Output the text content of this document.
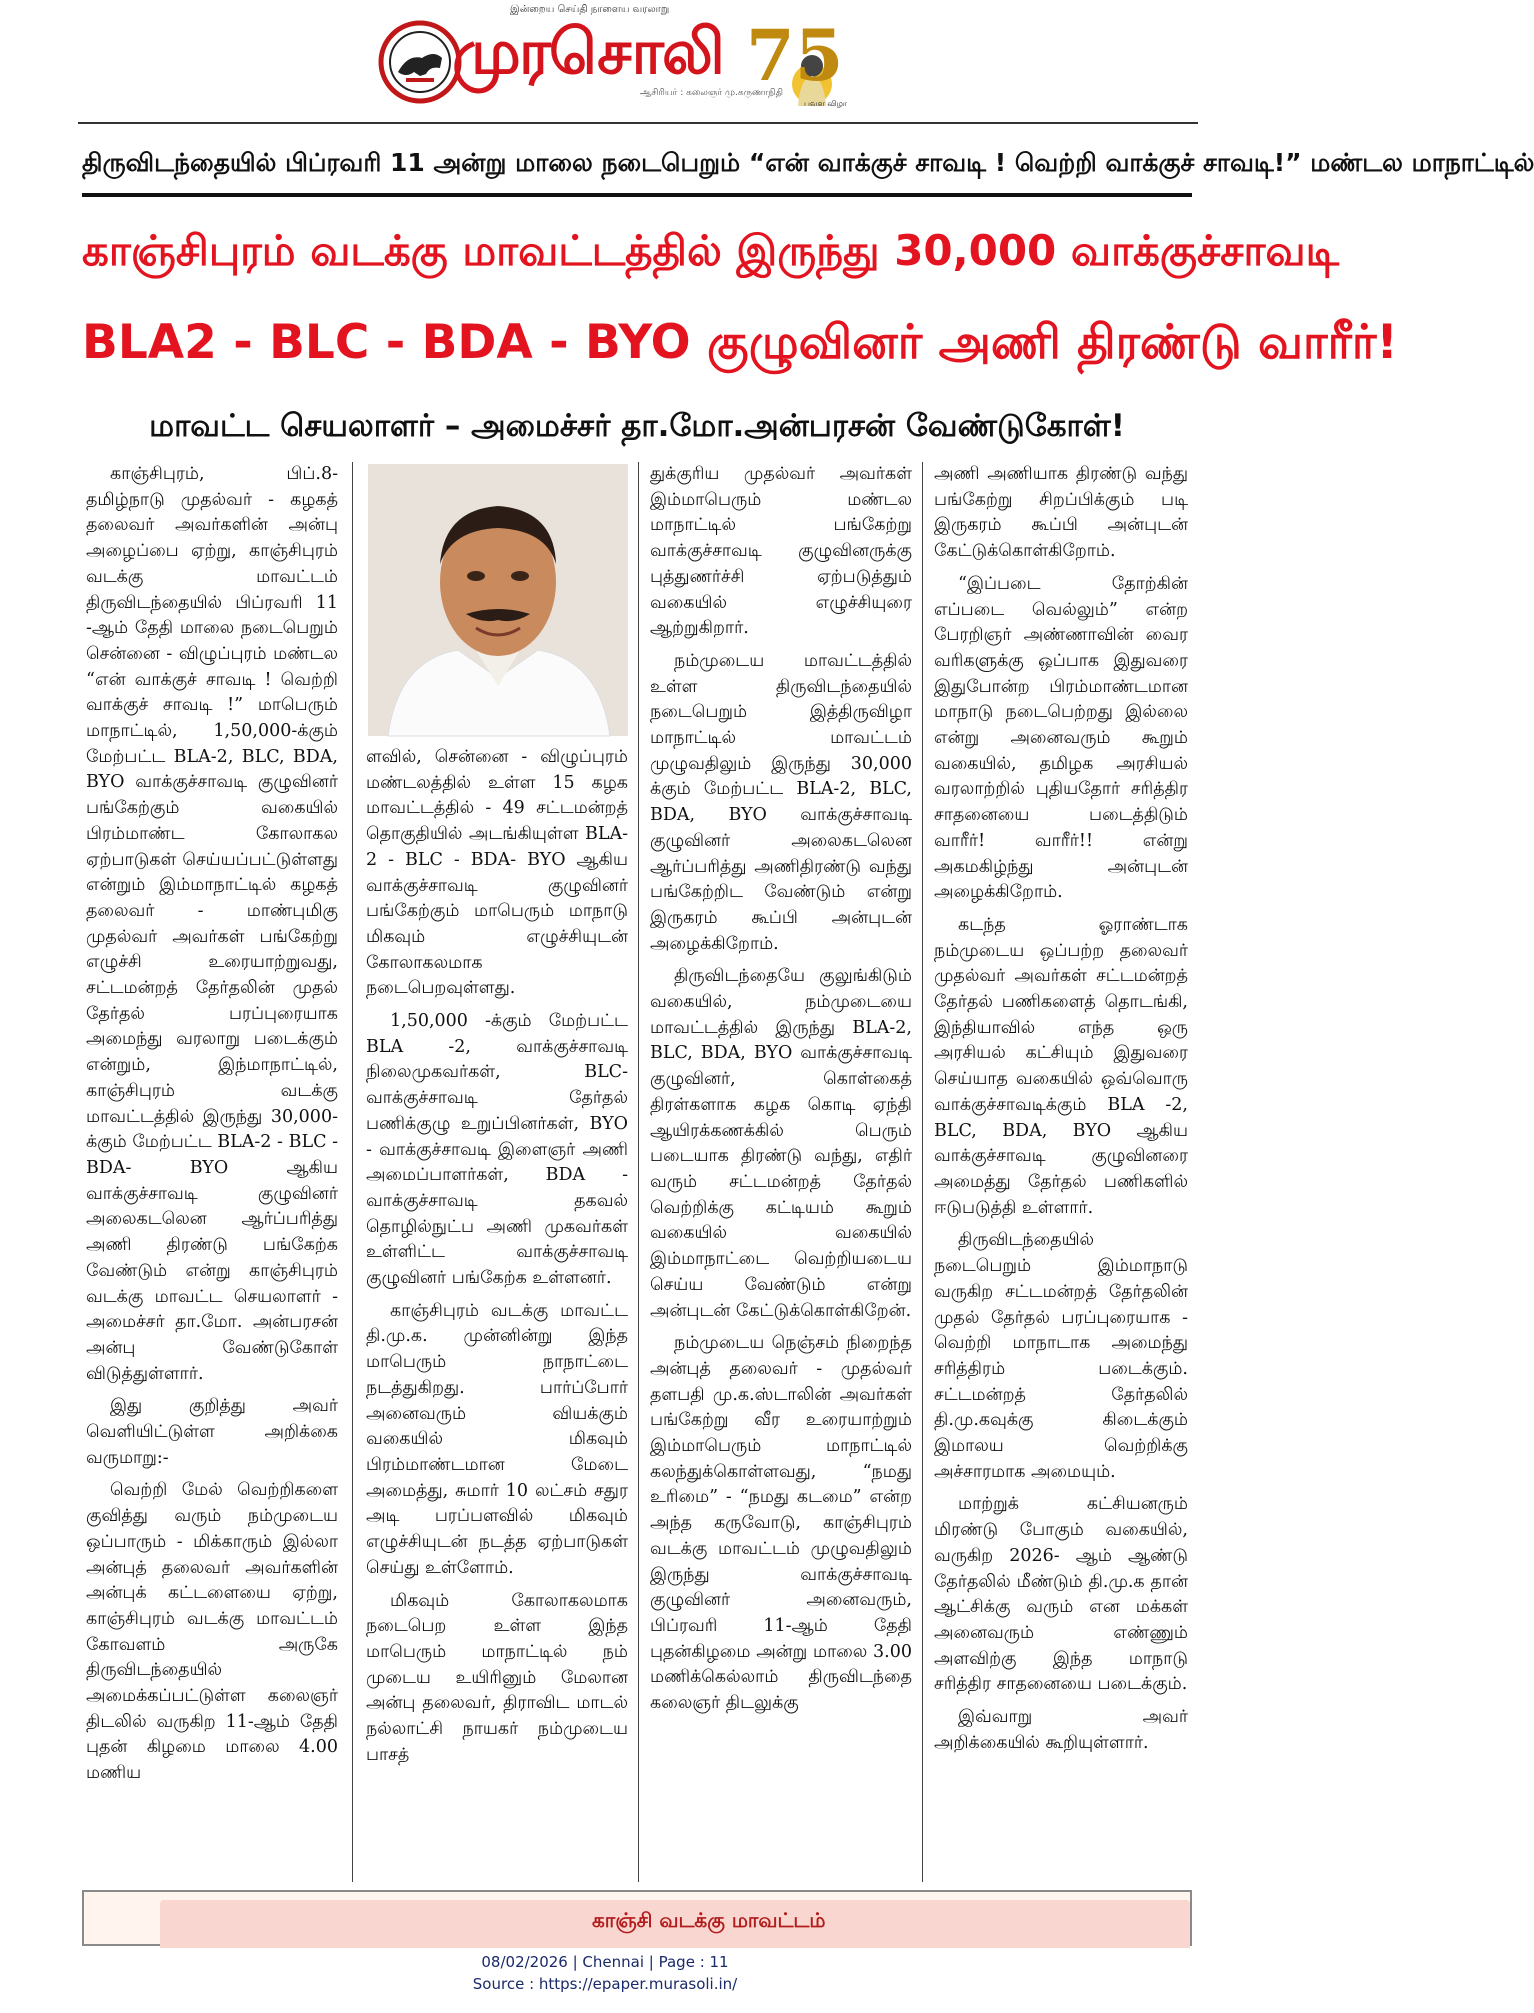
இன்றைய செய்தி நாளைய வரலாறு
முரசொலி
ஆசிரியர் : கலைஞர் மு.கருணாநிதி
75
பவள விழா
திருவிடந்தையில் பிப்ரவரி 11 அன்று மாலை நடைபெறும் “என் வாக்குச் சாவடி ! வெற்றி வாக்குச் சாவடி!” மண்டல மாநாட்டில்
காஞ்சிபுரம் வடக்கு மாவட்டத்தில் இருந்து 30,000 வாக்குச்சாவடி
BLA2 - BLC - BDA - BYO குழுவினர் அணி திரண்டு வாரீர்!
மாவட்ட செயலாளர் – அமைச்சர் தா.மோ.அன்பரசன் வேண்டுகோள்!

காஞ்சிபுரம், பிப்.8- தமிழ்நாடு முதல்வர் - கழகத் தலைவர் அவர்களின் அன்பு அழைப்பை ஏற்று, காஞ்சிபுரம் வடக்கு மாவட்டம் திருவிடந்தையில் பிப்ரவரி 11 -ஆம் தேதி மாலை நடைபெறும் சென்னை - விழுப்புரம் மண்டல “என் வாக்குச் சாவடி ! வெற்றி வாக்குச் சாவடி !” மாபெரும் மாநாட்டில், 1,50,000-க்கும் மேற்பட்ட BLA-2, BLC, BDA, BYO வாக்குச்சாவடி குழுவினர் பங்கேற்கும் வகையில் பிரம்மாண்ட கோலாகல ஏற்பாடுகள் செய்யப்பட்டுள்ளது என்றும் இம்மாநாட்டில் கழகத் தலைவர் - மாண்புமிகு முதல்வர் அவர்கள் பங்கேற்று எழுச்சி உரையாற்றுவது, சட்டமன்றத் தேர்தலின் முதல் தேர்தல் பரப்புரையாக அமைந்து வரலாறு படைக்கும் என்றும், இந்மாநாட்டில், காஞ்சிபுரம் வடக்கு மாவட்டத்தில் இருந்து 30,000-க்கும் மேற்பட்ட BLA-2 - BLC - BDA- BYO ஆகிய வாக்குச்சாவடி குழுவினர் அலைகடலென ஆர்ப்பரித்து அணி திரண்டு பங்கேற்க வேண்டும் என்று காஞ்சிபுரம் வடக்கு மாவட்ட செயலாளர் - அமைச்சர் தா.மோ. அன்பரசன் அன்பு வேண்டுகோள் விடுத்துள்ளார்.

இது குறித்து அவர் வெளியிட்டுள்ள அறிக்கை வருமாறு:-

வெற்றி மேல் வெற்றிகளை குவித்து வரும் நம்முடைய ஒப்பாரும் - மிக்காரும் இல்லா அன்புத் தலைவர் அவர்களின் அன்புக் கட்டளையை ஏற்று, காஞ்சிபுரம் வடக்கு மாவட்டம் கோவளம் அருகே திருவிடந்தையில் அமைக்கப்பட்டுள்ள கலைஞர் திடலில் வருகிற 11-ஆம் தேதி புதன் கிழமை மாலை 4.00 மணிய

ளவில், சென்னை - விழுப்புரம் மண்டலத்தில் உள்ள 15 கழக மாவட்டத்தில் - 49 சட்டமன்றத் தொகுதியில் அடங்கியுள்ள BLA-2 - BLC - BDA- BYO ஆகிய வாக்குச்சாவடி குழுவினர் பங்கேற்கும் மாபெரும் மாநாடு மிகவும் எழுச்சியுடன் கோலாகலமாக நடைபெறவுள்ளது.

1,50,000 -க்கும் மேற்பட்ட BLA -2, வாக்குச்சாவடி நிலைமுகவர்கள், BLC-வாக்குச்சாவடி தேர்தல் பணிக்குழு உறுப்பினர்கள், BYO - வாக்குச்சாவடி இளைஞர் அணி அமைப்பாளர்கள், BDA - வாக்குச்சாவடி தகவல் தொழில்நுட்ப அணி முகவர்கள் உள்ளிட்ட வாக்குச்சாவடி குழுவினர் பங்கேற்க உள்ளனர்.

காஞ்சிபுரம் வடக்கு மாவட்ட தி.மு.க. முன்னின்று இந்த மாபெரும் நாநாட்டை நடத்துகிறது. பார்ப்போர் அனைவரும் வியக்கும் வகையில் மிகவும் பிரம்மாண்டமான மேடை அமைத்து, சுமார் 10 லட்சம் சதுர அடி பரப்பளவில் மிகவும் எழுச்சியுடன் நடத்த ஏற்பாடுகள் செய்து உள்ளோம்.

மிகவும் கோலாகலமாக நடைபெற உள்ள இந்த மாபெரும் மாநாட்டில் நம் முடைய உயிரினும் மேலான அன்பு தலைவர், திராவிட மாடல் நல்லாட்சி நாயகர் நம்முடைய பாசத்

துக்குரிய முதல்வர் அவர்கள் இம்மாபெரும் மண்டல மாநாட்டில் பங்கேற்று வாக்குச்சாவடி குழுவினருக்கு புத்துணர்ச்சி ஏற்படுத்தும் வகையில் எழுச்சியுரை ஆற்றுகிறார்.

நம்முடைய மாவட்டத்தில் உள்ள திருவிடந்தையில் நடைபெறும் இத்திருவிழா மாநாட்டில் மாவட்டம் முழுவதிலும் இருந்து 30,000 க்கும் மேற்பட்ட BLA-2, BLC, BDA, BYO வாக்குச்சாவடி குழுவினர் அலைகடலென ஆர்ப்பரித்து அணிதிரண்டு வந்து பங்கேற்றிட வேண்டும் என்று இருகரம் கூப்பி அன்புடன் அழைக்கிறோம்.

திருவிடந்தையே குலுங்கிடும் வகையில், நம்முடையை மாவட்டத்தில் இருந்து BLA-2, BLC, BDA, BYO வாக்குச்சாவடி குழுவினர், கொள்கைத் திரள்களாக கழக கொடி ஏந்தி ஆயிரக்கணக்கில் பெரும் படையாக திரண்டு வந்து, எதிர் வரும் சட்டமன்றத் தேர்தல் வெற்றிக்கு கட்டியம் கூறும் வகையில் வகையில் இம்மாநாட்டை வெற்றியடைய செய்ய வேண்டும் என்று அன்புடன் கேட்டுக்கொள்கிறேன்.

நம்முடைய நெஞ்சம் நிறைந்த அன்புத் தலைவர் - முதல்வர் தளபதி மு.க.ஸ்டாலின் அவர்கள் பங்கேற்று வீர உரையாற்றும் இம்மாபெரும் மாநாட்டில் கலந்துக்கொள்ளவது, “நமது உரிமை” - “நமது கடமை” என்ற அந்த கருவோடு, காஞ்சிபுரம் வடக்கு மாவட்டம் முழுவதிலும் இருந்து வாக்குச்சாவடி குழுவினர் அனைவரும், பிப்ரவரி 11-ஆம் தேதி புதன்கிழமை அன்று மாலை 3.00 மணிக்கெல்லாம் திருவிடந்தை கலைஞர் திடலுக்கு

அணி அணியாக திரண்டு வந்து பங்கேற்று சிறப்பிக்கும் படி இருகரம் கூப்பி அன்புடன் கேட்டுக்கொள்கிறோம்.

“இப்படை தோற்கின் எப்படை வெல்லும்” என்ற பேரறிஞர் அண்ணாவின் வைர வரிகளுக்கு ஒப்பாக இதுவரை இதுபோன்ற பிரம்மாண்டமான மாநாடு நடைபெற்றது இல்லை என்று அனைவரும் கூறும் வகையில், தமிழக அரசியல் வரலாற்றில் புதியதோர் சரித்திர சாதனையை படைத்திடும் வாரீர்! வாரீர்!! என்று அகமகிழ்ந்து அன்புடன் அழைக்கிறோம்.

கடந்த ஓராண்டாக நம்முடைய ஒப்பற்ற தலைவர் முதல்வர் அவர்கள் சட்டமன்றத் தேர்தல் பணிகளைத் தொடங்கி, இந்தியாவில் எந்த ஒரு அரசியல் கட்சியும் இதுவரை செய்யாத வகையில் ஒவ்வொரு வாக்குச்சாவடிக்கும் BLA -2, BLC, BDA, BYO ஆகிய வாக்குச்சாவடி குழுவினரை அமைத்து தேர்தல் பணிகளில் ஈடுபடுத்தி உள்ளார்.

திருவிடந்தையில் நடைபெறும் இம்மாநாடு வருகிற சட்டமன்றத் தேர்தலின் முதல் தேர்தல் பரப்புரையாக - வெற்றி மாநாடாக அமைந்து சரித்திரம் படைக்கும். சட்டமன்றத் தேர்தலில் தி.மு.கவுக்கு கிடைக்கும் இமாலய வெற்றிக்கு அச்சாரமாக அமையும்.

மாற்றுக் கட்சியனரும் மிரண்டு போகும் வகையில், வருகிற 2026- ஆம் ஆண்டு தேர்தலில் மீண்டும் தி.மு.க தான் ஆட்சிக்கு வரும் என மக்கள் அனைவரும் எண்ணும் அளவிற்கு இந்த மாநாடு சரித்திர சாதனையை படைக்கும்.

இவ்வாறு அவர் அறிக்கையில் கூறியுள்ளார்.

காஞ்சி வடக்கு மாவட்டம்
08/02/2026 | Chennai | Page : 11
Source : https://epaper.murasoli.in/
